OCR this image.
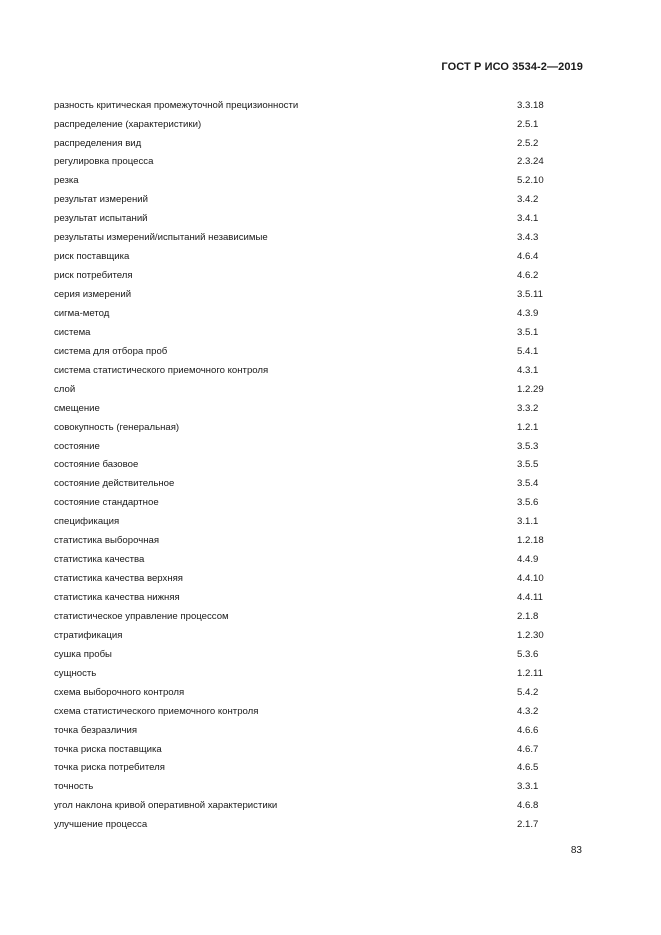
ГОСТ Р ИСО 3534-2—2019
разность критическая промежуточной прецизионности	3.3.18
распределение (характеристики)	2.5.1
распределения вид	2.5.2
регулировка процесса	2.3.24
резка	5.2.10
результат измерений	3.4.2
результат испытаний	3.4.1
результаты измерений/испытаний независимые	3.4.3
риск поставщика	4.6.4
риск потребителя	4.6.2
серия измерений	3.5.11
сигма-метод	4.3.9
система	3.5.1
система для отбора проб	5.4.1
система статистического приемочного контроля	4.3.1
слой	1.2.29
смещение	3.3.2
совокупность (генеральная)	1.2.1
состояние	3.5.3
состояние базовое	3.5.5
состояние действительное	3.5.4
состояние стандартное	3.5.6
спецификация	3.1.1
статистика выборочная	1.2.18
статистика качества	4.4.9
статистика качества верхняя	4.4.10
статистика качества нижняя	4.4.11
статистическое управление процессом	2.1.8
стратификация	1.2.30
сушка пробы	5.3.6
сущность	1.2.11
схема выборочного контроля	5.4.2
схема статистического приемочного контроля	4.3.2
точка безразличия	4.6.6
точка риска поставщика	4.6.7
точка риска потребителя	4.6.5
точность	3.3.1
угол наклона кривой оперативной характеристики	4.6.8
улучшение процесса	2.1.7
83
